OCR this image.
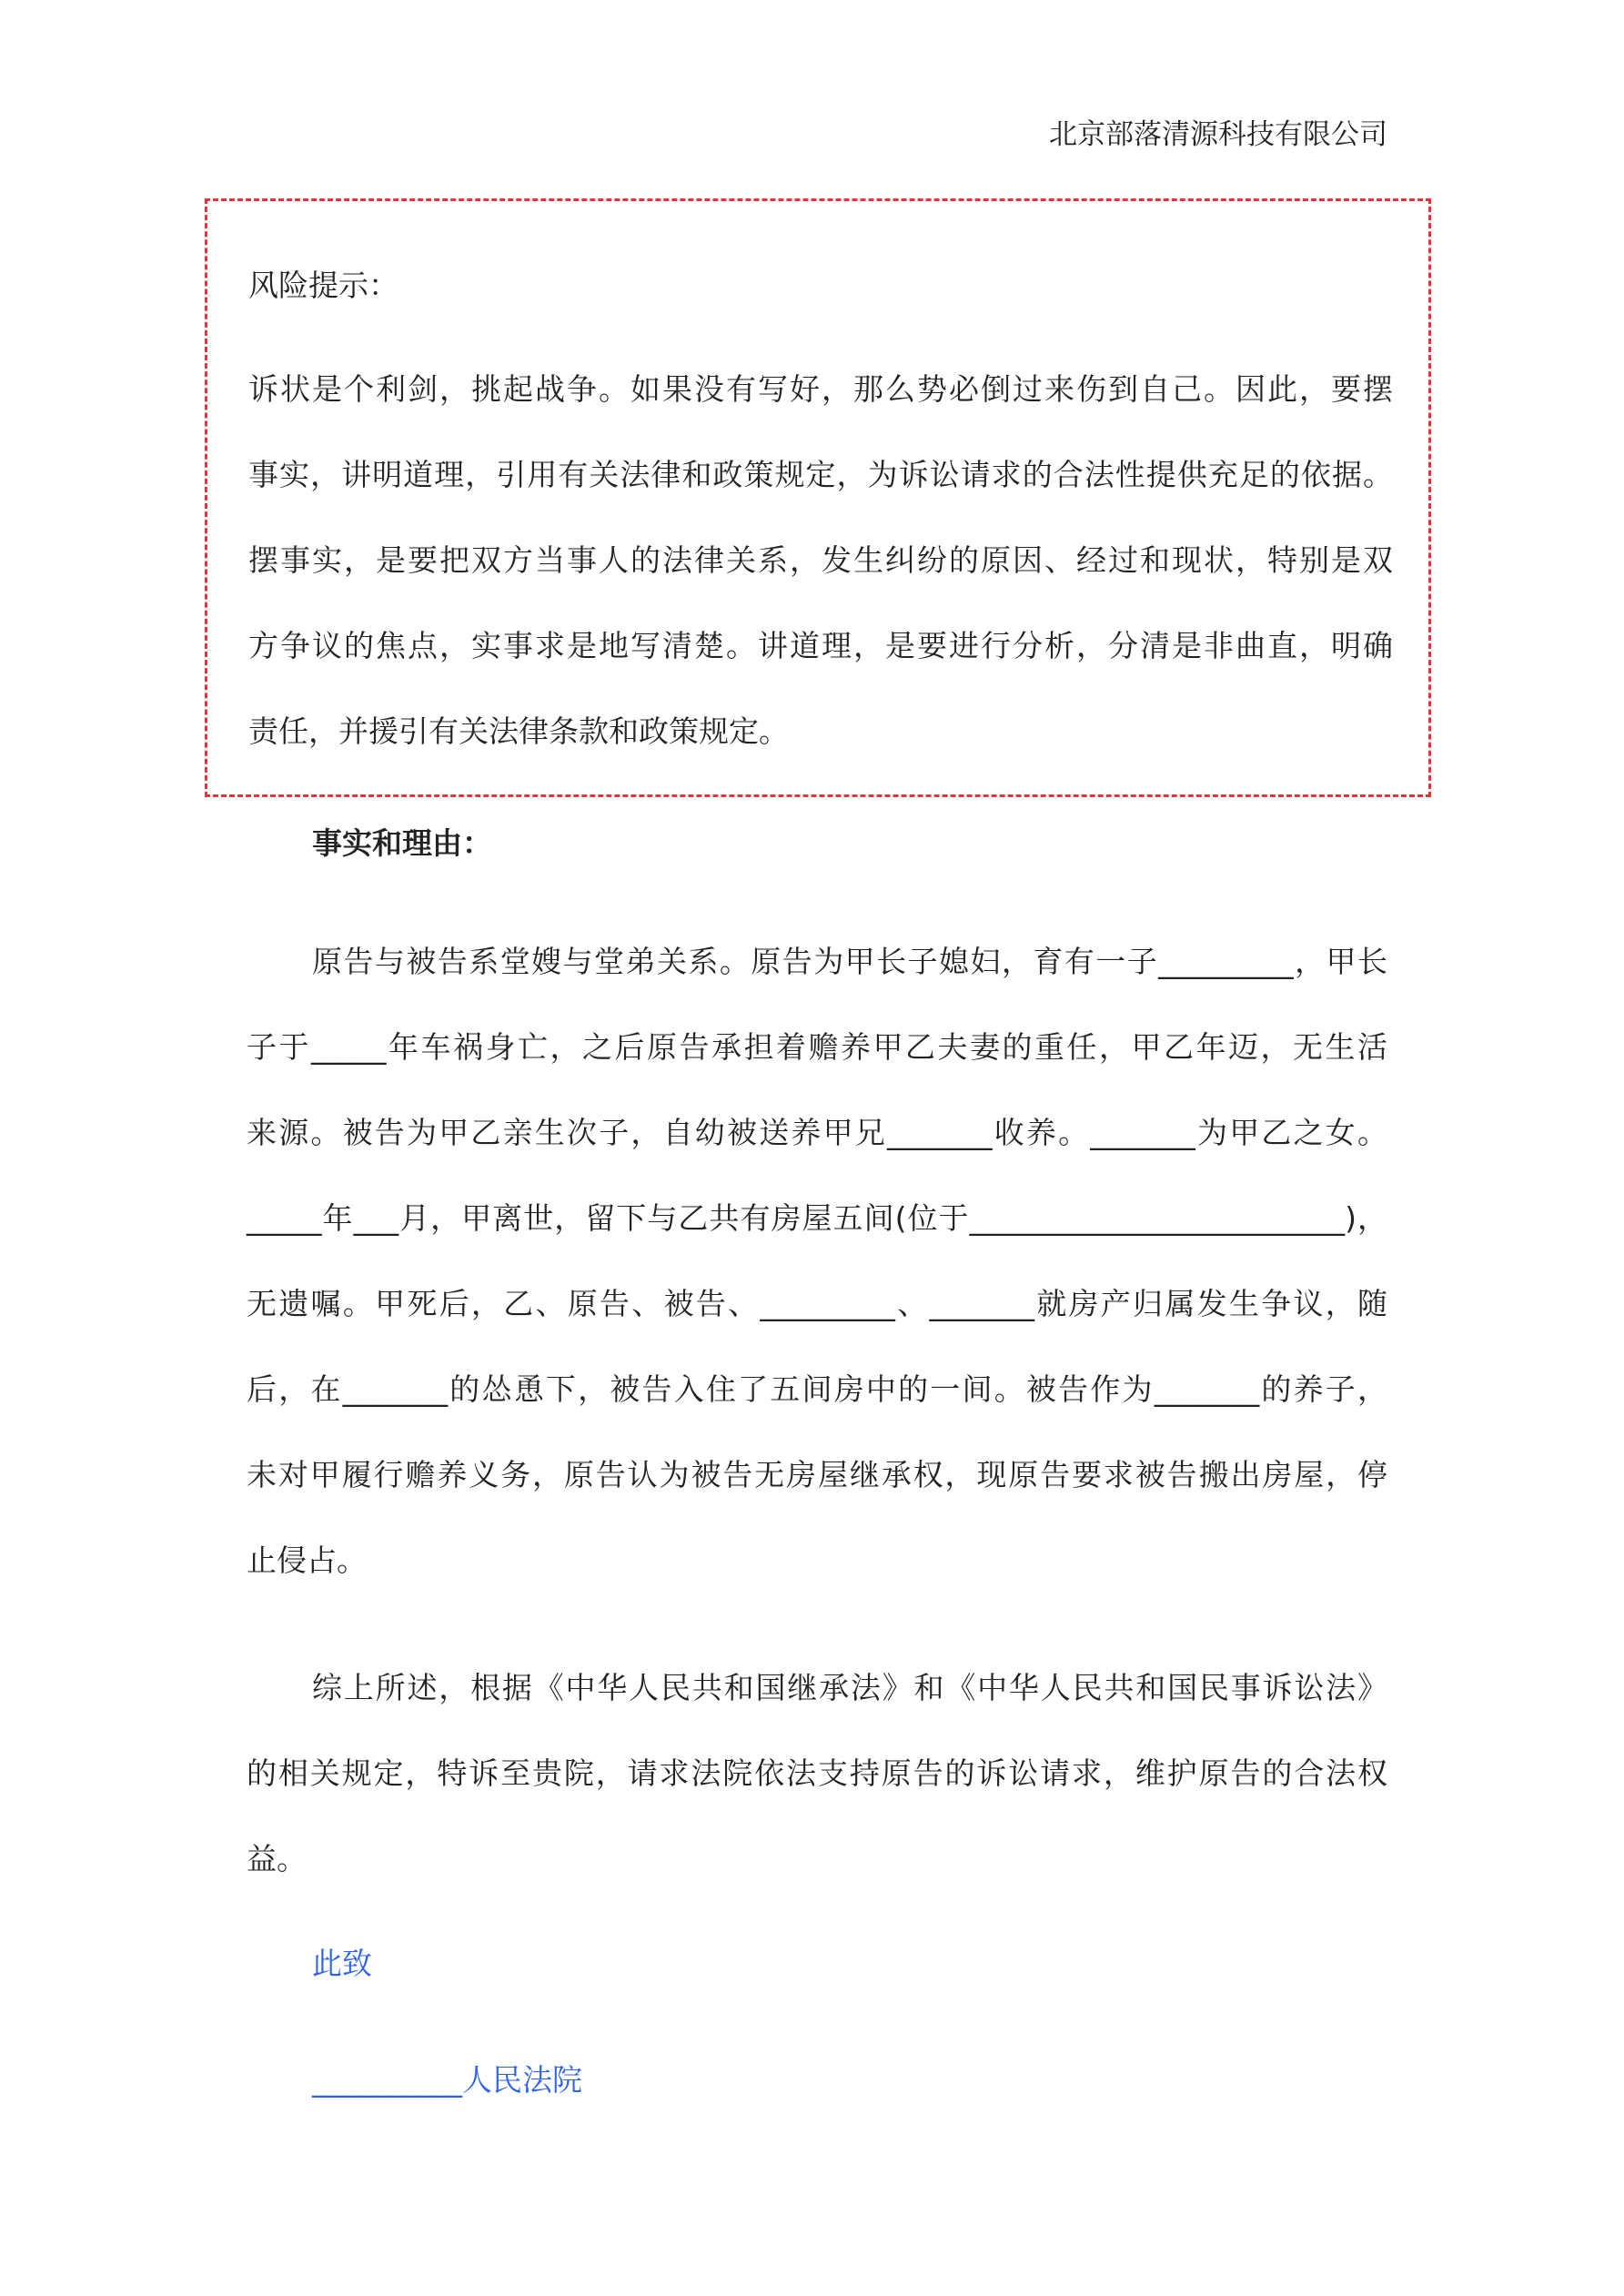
北京部落清源科技有限公司
风险提示：
诉状是个利剑，挑起战争。如果没有写好，那么势必倒过来伤到自己。因此，要摆
事实，讲明道理，引用有关法律和政策规定，为诉讼请求的合法性提供充足的依据。
摆事实，是要把双方当事人的法律关系，发生纠纷的原因、经过和现状，特别是双
方争议的焦点，实事求是地写清楚。讲道理，是要进行分析，分清是非曲直，明确
责任，并援引有关法律条款和政策规定。
事实和理由：
原告与被告系堂嫂与堂弟关系。原告为甲长子媳妇，育有一子_________，甲长
子于_____年车祸身亡，之后原告承担着赡养甲乙夫妻的重任，甲乙年迈，无生活
来源。被告为甲乙亲生次子，自幼被送养甲兄_______收养。_______为甲乙之女。
_____年___月，甲离世，留下与乙共有房屋五间(位于_________________________)，
无遗嘱。甲死后，乙、原告、被告、_________、_______就房产归属发生争议，随
后，在_______的怂恿下，被告入住了五间房中的一间。被告作为_______的养子，
未对甲履行赡养义务，原告认为被告无房屋继承权，现原告要求被告搬出房屋，停
止侵占。
综上所述，根据《中华人民共和国继承法》和《中华人民共和国民事诉讼法》
的相关规定，特诉至贵院，请求法院依法支持原告的诉讼请求，维护原告的合法权
益。
此致
__________人民法院
